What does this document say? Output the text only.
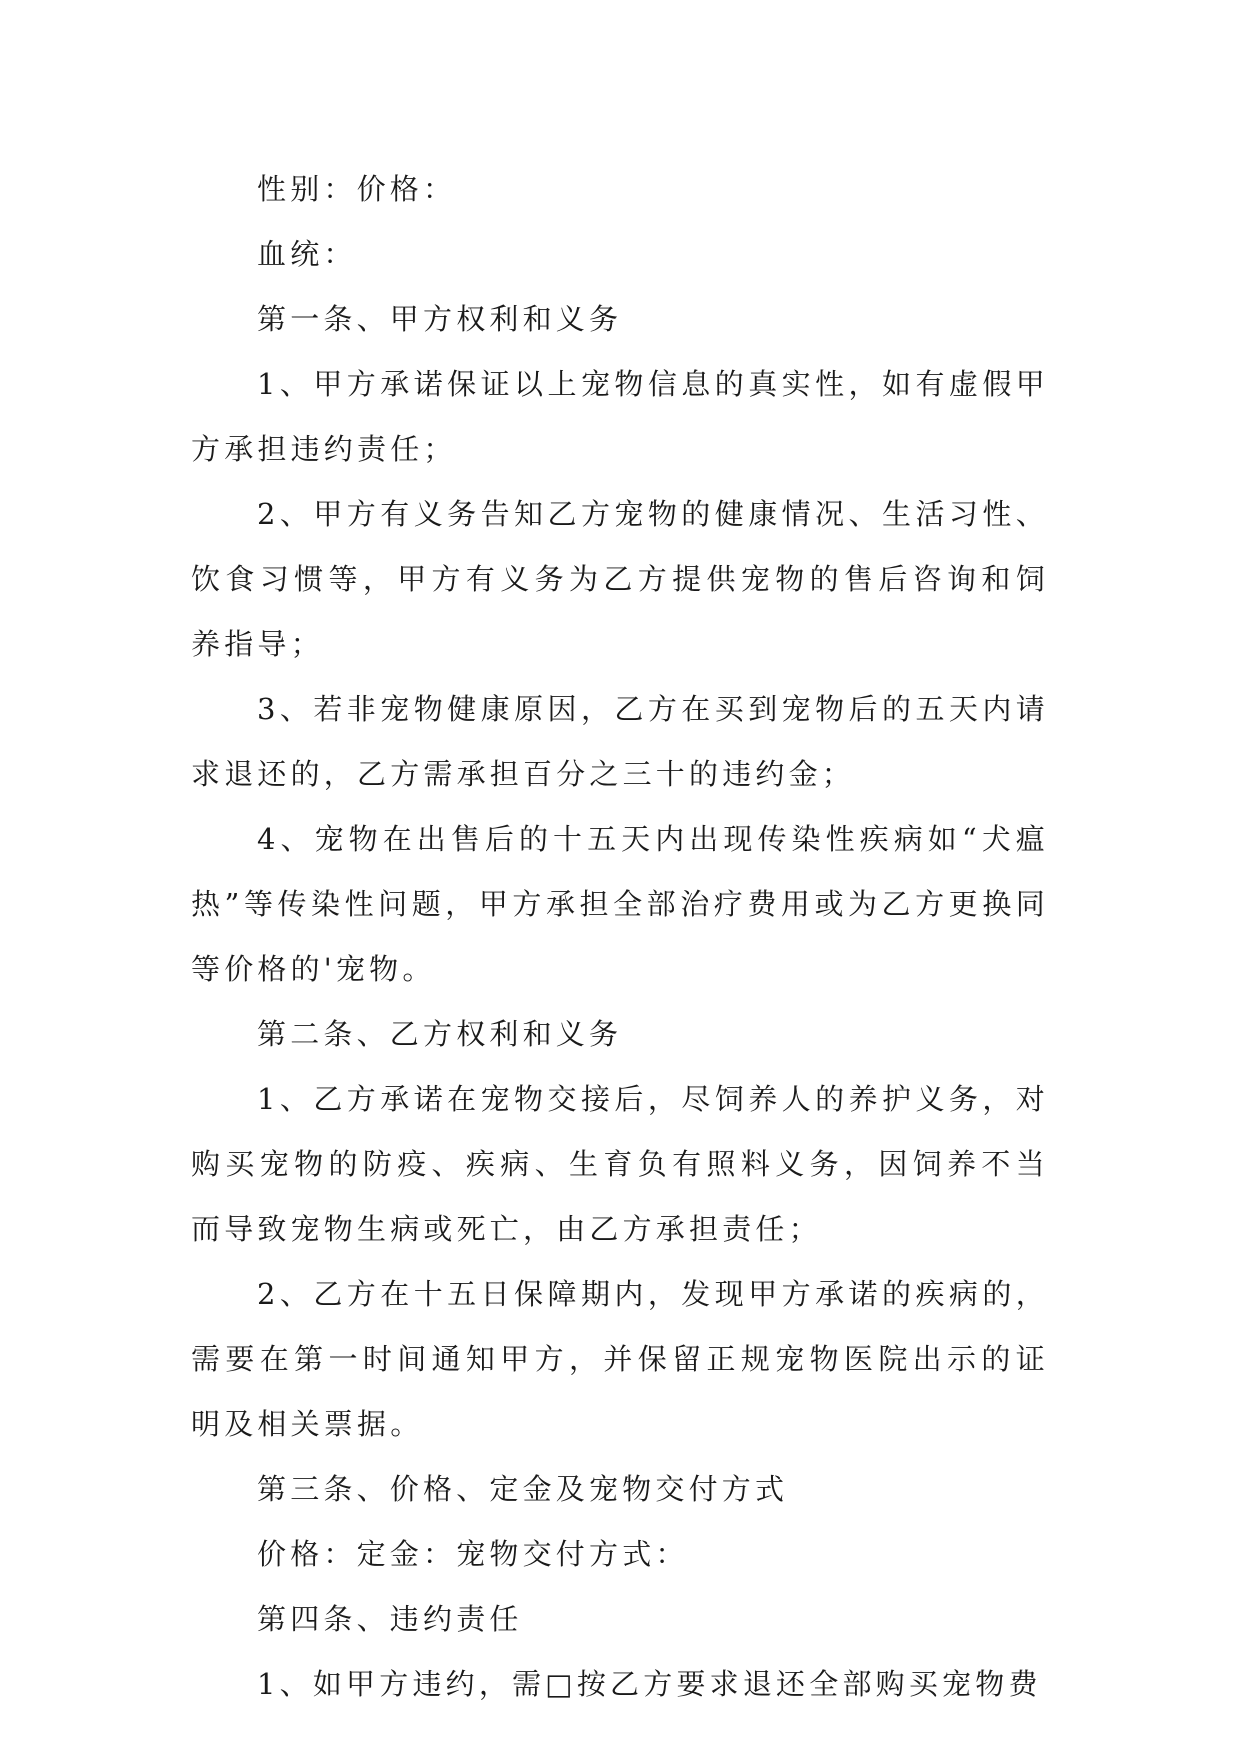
性别：价格：

血统：

第一条、甲方权利和义务

1、甲方承诺保证以上宠物信息的真实性，如有虚假甲方承担违约责任；

2、甲方有义务告知乙方宠物的健康情况、生活习性、饮食习惯等，甲方有义务为乙方提供宠物的售后咨询和饲养指导；

3、若非宠物健康原因，乙方在买到宠物后的五天内请求退还的，乙方需承担百分之三十的违约金；

4、宠物在出售后的十五天内出现传染性疾病如“犬瘟热”等传染性问题，甲方承担全部治疗费用或为乙方更换同等价格的'宠物。

第二条、乙方权利和义务

1、乙方承诺在宠物交接后，尽饲养人的养护义务，对购买宠物的防疫、疾病、生育负有照料义务，因饲养不当而导致宠物生病或死亡，由乙方承担责任；

2、乙方在十五日保障期内，发现甲方承诺的疾病的，需要在第一时间通知甲方，并保留正规宠物医院出示的证明及相关票据。

第三条、价格、定金及宠物交付方式

价格：定金：宠物交付方式：

第四条、违约责任

1、如甲方违约，需□按乙方要求退还全部购买宠物费
